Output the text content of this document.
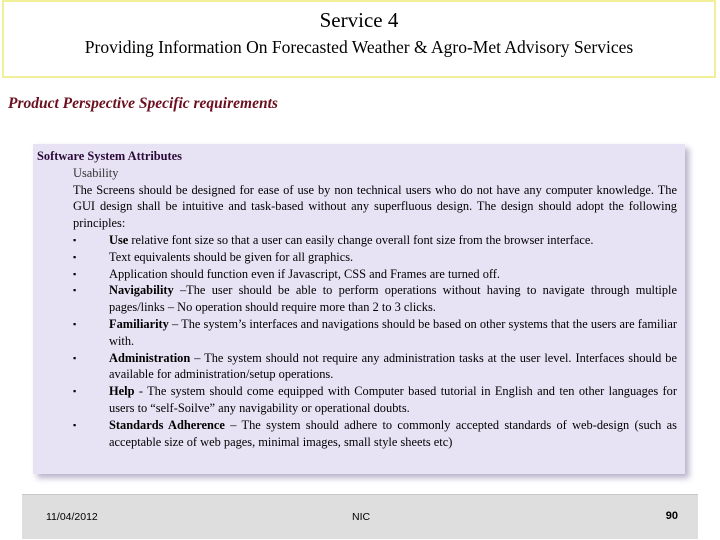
Service 4
Providing Information On Forecasted Weather & Agro-Met Advisory Services
Product Perspective Specific requirements
Software System Attributes
Usability
The Screens should be designed for ease of use by non technical users who do not have any computer knowledge. The GUI design shall be intuitive and task-based without any superfluous design. The design should adopt the following principles:
▪	Use relative font size so that a user can easily change overall font size from the browser interface.
▪	Text equivalents should be given for all graphics.
▪	Application should function even if Javascript, CSS and Frames are turned off.
▪	Navigability –The user should be able to perform operations without having to navigate through multiple pages/links – No operation should require more than 2 to 3 clicks.
▪	Familiarity – The system’s interfaces and navigations should be based on other systems that the users are familiar with.
▪	Administration – The system should not require any administration tasks at the user level. Interfaces should be available for administration/setup operations.
▪	Help - The system should come equipped with Computer based tutorial in English and ten other languages for users to “self-Soilve” any navigability or operational doubts.
▪	Standards Adherence – The system should adhere to commonly accepted standards of web-design (such as acceptable size of web pages, minimal images, small style sheets etc)
11/04/2012	NIC	90
